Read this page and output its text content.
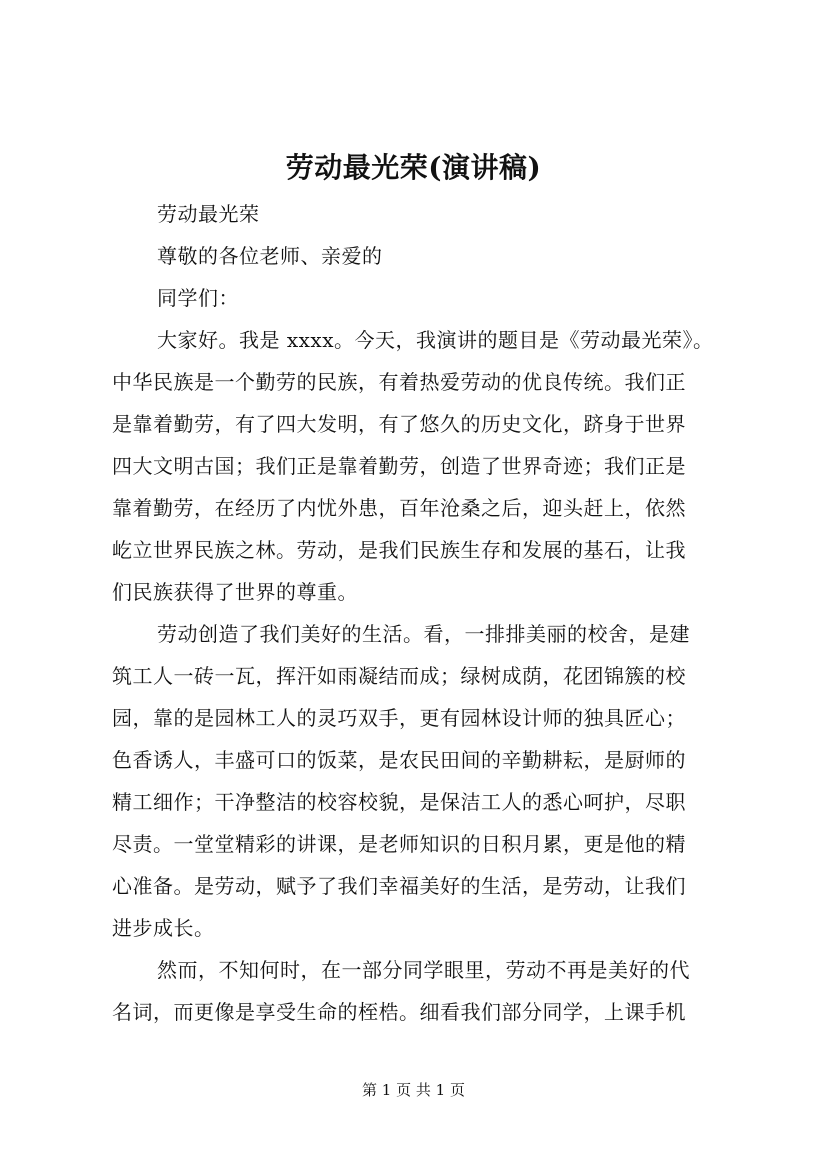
劳动最光荣(演讲稿)
劳动最光荣
尊敬的各位老师、亲爱的
同学们：
大家好。我是 xxxx。今天，我演讲的题目是《劳动最光荣》。
中华民族是一个勤劳的民族，有着热爱劳动的优良传统。我们正
是靠着勤劳，有了四大发明，有了悠久的历史文化，跻身于世界
四大文明古国；我们正是靠着勤劳，创造了世界奇迹；我们正是
靠着勤劳，在经历了内忧外患，百年沧桑之后，迎头赶上，依然
屹立世界民族之林。劳动，是我们民族生存和发展的基石，让我
们民族获得了世界的尊重。
劳动创造了我们美好的生活。看，一排排美丽的校舍，是建
筑工人一砖一瓦，挥汗如雨凝结而成；绿树成荫，花团锦簇的校
园，靠的是园林工人的灵巧双手，更有园林设计师的独具匠心；
色香诱人，丰盛可口的饭菜，是农民田间的辛勤耕耘，是厨师的
精工细作；干净整洁的校容校貌，是保洁工人的悉心呵护，尽职
尽责。一堂堂精彩的讲课，是老师知识的日积月累，更是他的精
心准备。是劳动，赋予了我们幸福美好的生活，是劳动，让我们
进步成长。
然而，不知何时，在一部分同学眼里，劳动不再是美好的代
名词，而更像是享受生命的桎梏。细看我们部分同学，上课手机
第 1 页 共 1 页
